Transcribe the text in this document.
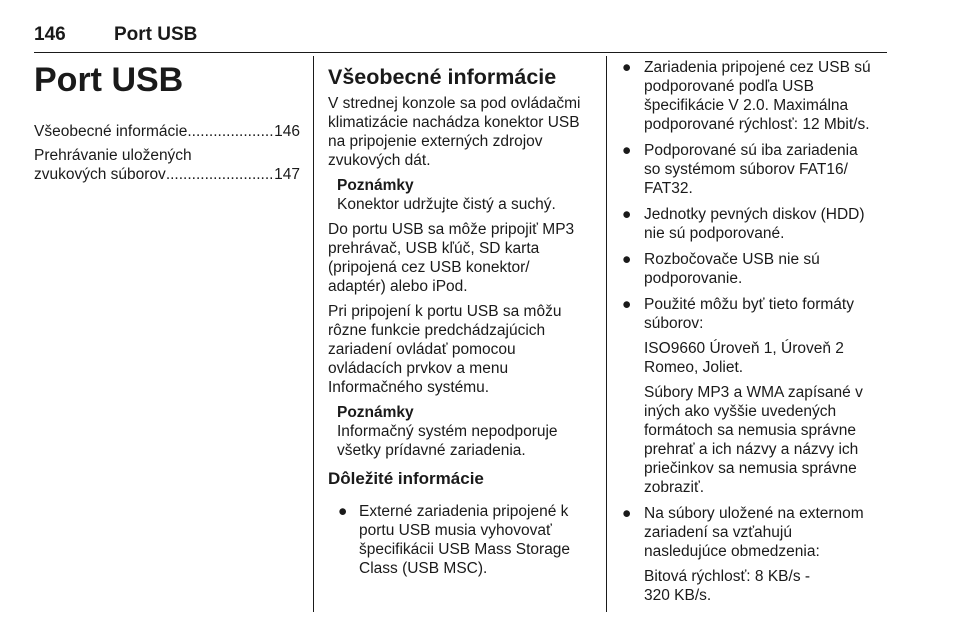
146	Port USB
Port USB
Všeobecné informácie .....	146
Prehrávanie uložených
zvukových súborov .....	147
Všeobecné informácie
V strednej konzole sa pod ovládačmi
klimatizácie nachádza konektor USB
na pripojenie externých zdrojov
zvukových dát.
Poznámky
Konektor udržujte čistý a suchý.
Do portu USB sa môže pripojiť MP3
prehrávač, USB kľúč, SD karta
(pripojená cez USB konektor/
adaptér) alebo iPod.
Pri pripojení k portu USB sa môžu
rôzne funkcie predchádzajúcich
zariadení ovládať pomocou
ovládacích prvkov a menu
Informačného systému.
Poznámky
Informačný systém nepodporuje
všetky prídavné zariadenia.
Dôležité informácie
● Externé zariadenia pripojené k
portu USB musia vyhovovať
špecifikácii USB Mass Storage
Class (USB MSC).
● Zariadenia pripojené cez USB sú
podporované podľa USB
špecifikácie V 2.0. Maximálna
podporované rýchlosť: 12 Mbit/s.
● Podporované sú iba zariadenia
so systémom súborov FAT16/
FAT32.
● Jednotky pevných diskov (HDD)
nie sú podporované.
● Rozbočovače USB nie sú
podporovanie.
● Použité môžu byť tieto formáty
súborov:
ISO9660 Úroveň 1, Úroveň 2
Romeo, Joliet.
Súbory MP3 a WMA zapísané v
iných ako vyššie uvedených
formátoch sa nemusia správne
prehrať a ich názvy a názvy ich
priečinkov sa nemusia správne
zobraziť.
● Na súbory uložené na externom
zariadení sa vzťahujú
nasledujúce obmedzenia:
Bitová rýchlosť: 8 KB/s -
320 KB/s.
